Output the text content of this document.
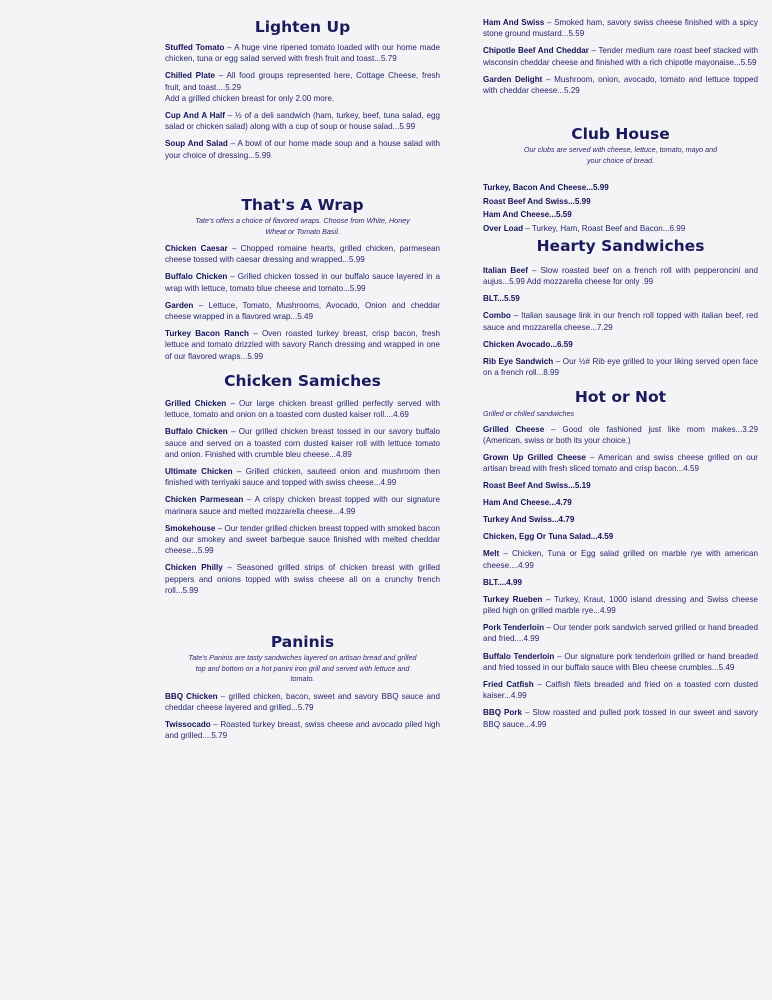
Lighten Up
Stuffed Tomato – A huge vine ripened tomato loaded with our home made chicken, tuna or egg salad served with fresh fruit and toast...5.79
Chilled Plate – All food groups represented here, Cottage Cheese, fresh fruit, and toast....5.29
Add a grilled chicken breast for only 2.00 more.
Cup And A Half – ½ of a deli sandwich (ham, turkey, beef, tuna salad, egg salad or chicken salad) along with a cup of soup or house salad...5.99
Soup And Salad – A bowl of our home made soup and a house salad with your choice of dressing...5.99
That's A Wrap
Tate's offers a choice of flavored wraps. Choose from White, Honey Wheat or Tomato Basil.
Chicken Caesar – Chopped romaine hearts, grilled chicken, parmesean cheese tossed with caesar dressing and wrapped...5.99
Buffalo Chicken – Grilled chicken tossed in our buffalo sauce layered in a wrap with lettuce, tomato blue cheese and tomato...5.99
Garden – Lettuce, Tomato, Mushrooms, Avocado, Onion and cheddar cheese wrapped in a flavored wrap...5.49
Turkey Bacon Ranch – Oven roasted turkey breast, crisp bacon, fresh lettuce and tomato drizzled with savory Ranch dressing and wrapped in one of our flavored wraps...5.99
Chicken Samiches
Grilled Chicken – Our large chicken breast grilled perfectly served with lettuce, tomato and onion on a toasted corn dusted kaiser roll....4.69
Buffalo Chicken – Our grilled chicken breast tossed in our savory buffalo sauce and served on a toasted corn dusted kaiser roll with lettuce tomato and onion. Finished with crumble bleu cheese...4.89
Ultimate Chicken – Grilled chicken, sauteed onion and mushroom then finished with terriyaki sauce and topped with swiss cheese...4.99
Chicken Parmesean – A crispy chicken breast topped with our signature marinara sauce and melted mozzarella cheese...4.99
Smokehouse – Our tender grilled chicken breast topped with smoked bacon and our smokey and sweet barbeque sauce finished with melted cheddar cheese...5.99
Chicken Philly – Seasoned grilled strips of chicken breast with grilled peppers and onions topped with swiss cheese all on a crunchy french roll...5.99
Paninis
Tate's Paninis are tasty sandwiches layered on artisan bread and grilled top and bottom on a hot panini iron grill and served with lettuce and tomato.
BBQ Chicken – grilled chicken, bacon, sweet and savory BBQ sauce and cheddar cheese layered and grilled...5.79
Twissocado – Roasted turkey breast, swiss cheese and avocado piled high and grilled....5.79
Ham And Swiss – Smoked ham, savory swiss cheese finished with a spicy stone ground mustard...5.59
Chipotle Beef And Cheddar – Tender medium rare roast beef stacked with wisconsin cheddar cheese and finished with a rich chipotle mayonaise...5.59
Garden Delight – Mushroom, onion, avocado, tomato and lettuce topped with cheddar cheese...5.29
Club House
Our clubs are served with cheese, lettuce, tomato, mayo and your choice of bread.
Turkey, Bacon And Cheese...5.99
Roast Beef And Swiss...5.99
Ham And Cheese...5.59
Over Load – Turkey, Ham, Roast Beef and Bacon...6.99
Hearty Sandwiches
Italian Beef – Slow roasted beef on a french roll with pepperoncini and aujus...5.99 Add mozzarella cheese for only .99
BLT...5.59
Combo – Italian sausage link in our french roll topped with italian beef, red sauce and mozzarella cheese...7.29
Chicken Avocado...6.59
Rib Eye Sandwich – Our ½# Rib eye grilled to your liking served open face on a french roll...8.99
Hot or Not
Grilled or chilled sandwiches
Grilled Cheese – Good ole fashioned just like mom makes...3.29 (American, swiss or both its your choice.)
Grown Up Grilled Cheese – American and swiss cheese grilled on our artisan bread with fresh sliced tomato and crisp bacon...4.59
Roast Beef And Swiss...5.19
Ham And Cheese...4.79
Turkey And Swiss...4.79
Chicken, Egg Or Tuna Salad...4.59
Melt – Chicken, Tuna or Egg salad grilled on marble rye with american cheese....4.99
BLT....4.99
Turkey Rueben – Turkey, Kraut, 1000 island dressing and Swiss cheese piled high on grilled marble rye...4.99
Pork Tenderloin – Our tender pork sandwich served grilled or hand breaded and fried....4.99
Buffalo Tenderloin – Our signature pork tenderloin grilled or hand breaded and fried tossed in our buffalo sauce with Bleu cheese crumbles...5.49
Fried Catfish – Catfish filets breaded and fried on a toasted corn dusted kaiser...4.99
BBQ Pork – Slow roasted and pulled pork tossed in our sweet and savory BBQ sauce...4.99
